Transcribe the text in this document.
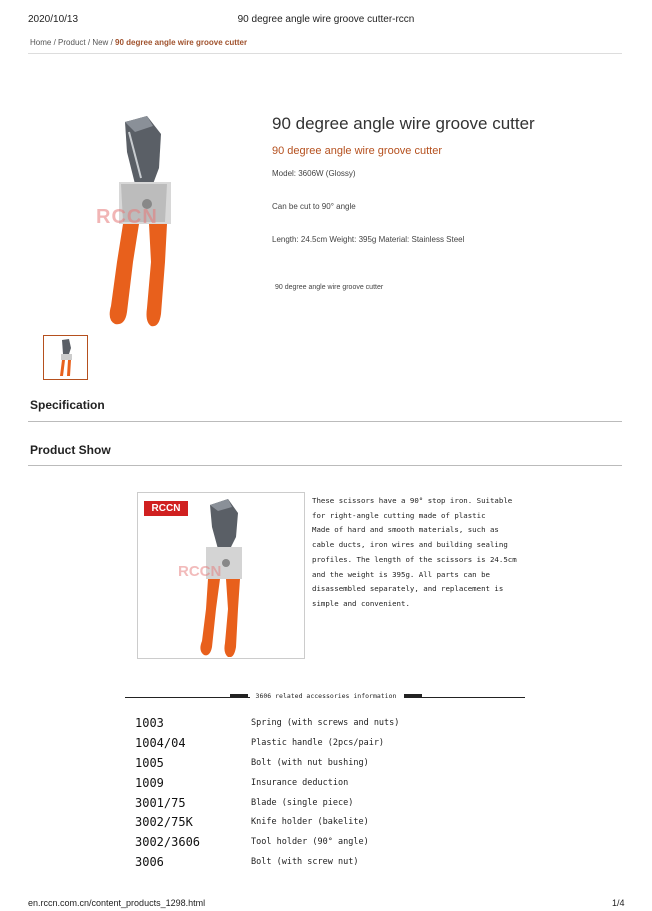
2020/10/13	90 degree angle wire groove cutter-rccn
Home / Product / New / 90 degree angle wire groove cutter
RCCN
90 degree angle wire groove cutter
90 degree angle wire groove cutter
Model: 3606W (Glossy)
Can be cut to 90° angle
Length: 24.5cm Weight: 395g Material: Stainless Steel
90 degree angle wire groove cutter
Specification
Product Show
RCCN
RCCN
These scissors have a 90° stop iron. Suitable
for right-angle cutting made of plastic
Made of hard and smooth materials, such as
cable ducts, iron wires and building sealing
profiles. The length of the scissors is 24.5cm
and the weight is 395g. All parts can be
disassembled separately, and replacement is
simple and convenient.
3606 related accessories information
1003	Spring (with screws and nuts)
1004/04	Plastic handle (2pcs/pair)
1005	Bolt (with nut bushing)
1009	Insurance deduction
3001/75	Blade (single piece)
3002/75K	Knife holder (bakelite)
3002/3606	Tool holder (90° angle)
3006	Bolt (with screw nut)
en.rccn.com.cn/content_products_1298.html	1/4
